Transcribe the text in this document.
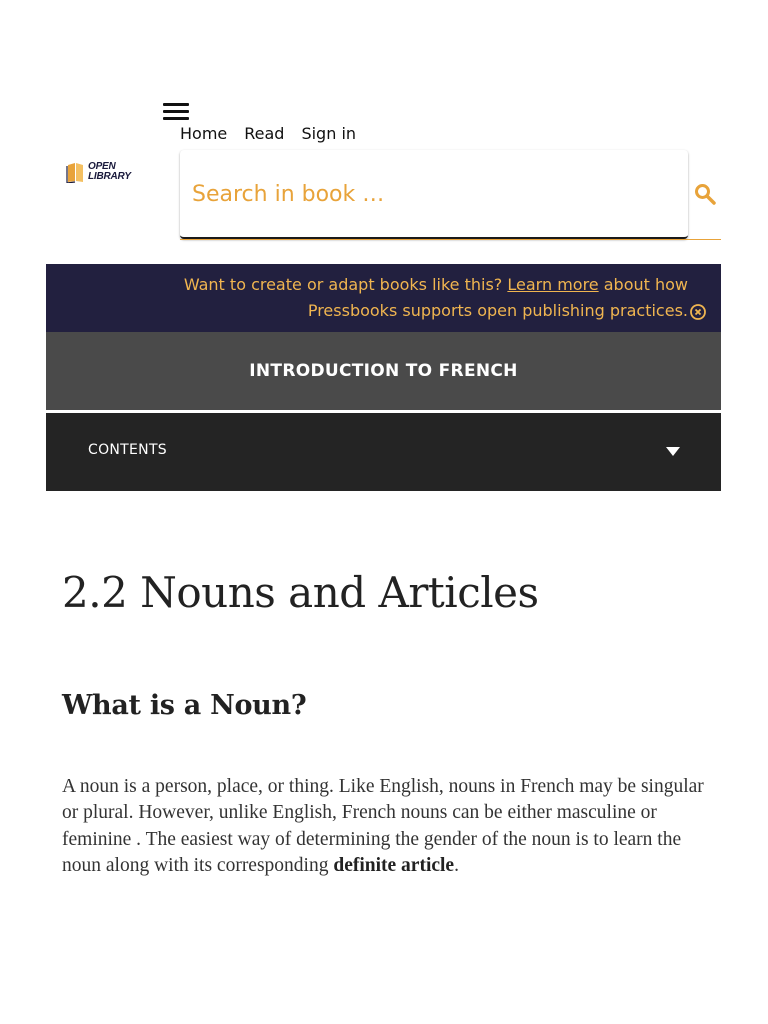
Home Read Sign in
OPEN
LIBRARY
Search in book …
Want to create or adapt books like this? Learn more about how Pressbooks supports open publishing practices.
INTRODUCTION TO FRENCH
CONTENTS
2.2 Nouns and Articles
What is a Noun?

A noun is a person, place, or thing. Like English, nouns in French may be singular or plural. However, unlike English, French nouns can be either masculine or feminine . The easiest way of determining the gender of the noun is to learn the noun along with its corresponding definite article.
